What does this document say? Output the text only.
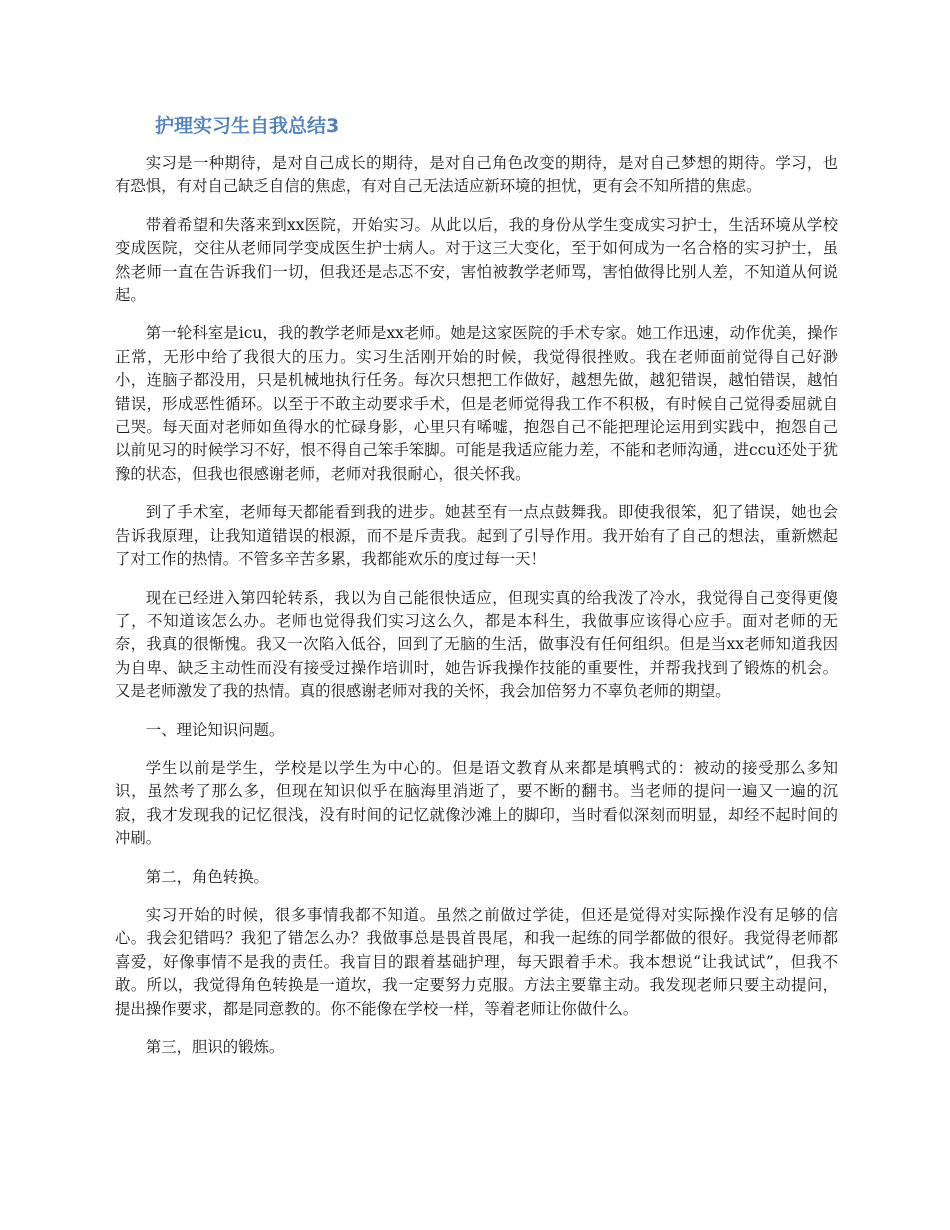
护理实习生自我总结3

实习是一种期待，是对自己成长的期待，是对自己角色改变的期待，是对自己梦想的期待。学习，也有恐惧，有对自己缺乏自信的焦虑，有对自己无法适应新环境的担忧，更有会不知所措的焦虑。

带着希望和失落来到xx医院，开始实习。从此以后，我的身份从学生变成实习护士，生活环境从学校变成医院，交往从老师同学变成医生护士病人。对于这三大变化，至于如何成为一名合格的实习护士，虽然老师一直在告诉我们一切，但我还是忐忑不安，害怕被教学老师骂，害怕做得比别人差，不知道从何说起。

第一轮科室是icu，我的教学老师是xx老师。她是这家医院的手术专家。她工作迅速，动作优美，操作正常，无形中给了我很大的压力。实习生活刚开始的时候，我觉得很挫败。我在老师面前觉得自己好渺小，连脑子都没用，只是机械地执行任务。每次只想把工作做好，越想先做，越犯错误，越怕错误，越怕错误，形成恶性循环。以至于不敢主动要求手术，但是老师觉得我工作不积极，有时候自己觉得委屈就自己哭。每天面对老师如鱼得水的忙碌身影，心里只有唏嘘，抱怨自己不能把理论运用到实践中，抱怨自己以前见习的时候学习不好，恨不得自己笨手笨脚。可能是我适应能力差，不能和老师沟通，进ccu还处于犹豫的状态，但我也很感谢老师，老师对我很耐心，很关怀我。

到了手术室，老师每天都能看到我的进步。她甚至有一点点鼓舞我。即使我很笨，犯了错误，她也会告诉我原理，让我知道错误的根源，而不是斥责我。起到了引导作用。我开始有了自己的想法，重新燃起了对工作的热情。不管多辛苦多累，我都能欢乐的度过每一天！

现在已经进入第四轮转系，我以为自己能很快适应，但现实真的给我泼了冷水，我觉得自己变得更傻了，不知道该怎么办。老师也觉得我们实习这么久，都是本科生，我做事应该得心应手。面对老师的无奈，我真的很惭愧。我又一次陷入低谷，回到了无脑的生活，做事没有任何组织。但是当xx老师知道我因为自卑、缺乏主动性而没有接受过操作培训时，她告诉我操作技能的重要性，并帮我找到了锻炼的机会。又是老师激发了我的热情。真的很感谢老师对我的关怀，我会加倍努力不辜负老师的期望。

一、理论知识问题。

学生以前是学生，学校是以学生为中心的。但是语文教育从来都是填鸭式的：被动的接受那么多知识，虽然考了那么多，但现在知识似乎在脑海里消逝了，要不断的翻书。当老师的提问一遍又一遍的沉寂，我才发现我的记忆很浅，没有时间的记忆就像沙滩上的脚印，当时看似深刻而明显，却经不起时间的冲刷。

第二，角色转换。

实习开始的时候，很多事情我都不知道。虽然之前做过学徒，但还是觉得对实际操作没有足够的信心。我会犯错吗？我犯了错怎么办？我做事总是畏首畏尾，和我一起练的同学都做的很好。我觉得老师都喜爱，好像事情不是我的责任。我盲目的跟着基础护理，每天跟着手术。我本想说“让我试试”，但我不敢。所以，我觉得角色转换是一道坎，我一定要努力克服。方法主要靠主动。我发现老师只要主动提问，提出操作要求，都是同意教的。你不能像在学校一样，等着老师让你做什么。

第三，胆识的锻炼。
